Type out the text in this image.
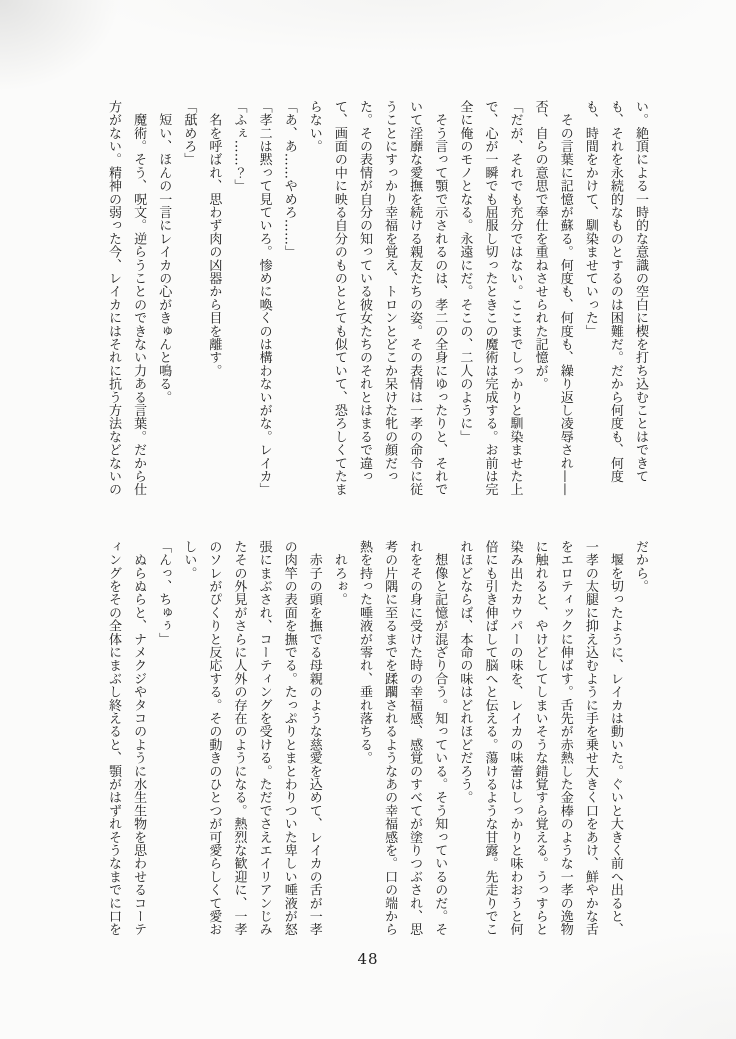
い。絶頂による一時的な意識の空白に楔を打ち込むことはできて
も、それを永続的なものとするのは困難だ。だから何度も、何度
も、時間をかけて、馴染ませていった」
　その言葉に記憶が蘇る。何度も、何度も、繰り返し凌辱され——
否、自らの意思で奉仕を重ねさせられた記憶が。
「だが、それでも充分ではない。ここまでしっかりと馴染ませた上
で、心が一瞬でも屈服し切ったときこの魔術は完成する。お前は完
全に俺のモノとなる。永遠にだ。そこの、二人のように」
　そう言って顎で示されるのは、孝二の全身にゆったりと、それで
いて淫靡な愛撫を続ける親友たちの姿。その表情は一孝の命令に従
うことにすっかり幸福を覚え、トロンとどこか呆けた牝の顔だっ
た。その表情が自分の知っている彼女たちのそれとはまるで違っ
て、画面の中に映る自分のものととても似ていて、恐ろしくてたま
らない。
「あ、あ……やめろ……」
「孝二は黙って見ていろ。惨めに喚くのは構わないがな。レイカ」
「ふぇ……？」
　名を呼ばれ、思わず肉の凶器から目を離す。
「舐めろ」
　短い、ほんの一言にレイカの心がきゅんと鳴る。
　魔術。そう、呪文。逆らうことのできない力ある言葉。だから仕
方がない。精神の弱った今、レイカにはそれに抗う方法などないの
だから。
　堰を切ったように、レイカは動いた。ぐいと大きく前へ出ると、
一孝の太腿に抑え込むように手を乗せ大きく口をあけ、鮮やかな舌
をエロティックに伸ばす。舌先が赤熱した金棒のような一孝の逸物
に触れると、やけどしてしまいそうな錯覚すら覚える。うっすらと
染み出たカウパーの味を、レイカの味蕾はしっかりと味わおうと何
倍にも引き伸ばして脳へと伝える。蕩けるような甘露。先走りでこ
れほどならば、本命の味はどれほどだろう。
　想像と記憶が混ざり合う。知っている。そう知っているのだ。そ
れをその身に受けた時の幸福感、感覚のすべてが塗りつぶされ、思
考の片隅に至るまでを蹂躙されるようなあの幸福感を。口の端から
熱を持った唾液が零れ、垂れ落ちる。
　れろぉ。
　赤子の頭を撫でる母親のような慈愛を込めて、レイカの舌が一孝
の肉竿の表面を撫でる。たっぷりとまとわりついた卑しい唾液が怒
張にまぶされ、コーティングを受ける。ただでさえエイリアンじみ
たその外見がさらに人外の存在のようになる。熱烈な歓迎に、一孝
のソレがぴくりと反応する。その動きのひとつが可愛らしくて愛お
しい。
「んっ、ちゅぅ」
　ぬらぬらと、ナメクジやタコのように水生生物を思わせるコーテ
ィングをその全体にまぶし終えると、顎がはずれそうなまでに口を
48
